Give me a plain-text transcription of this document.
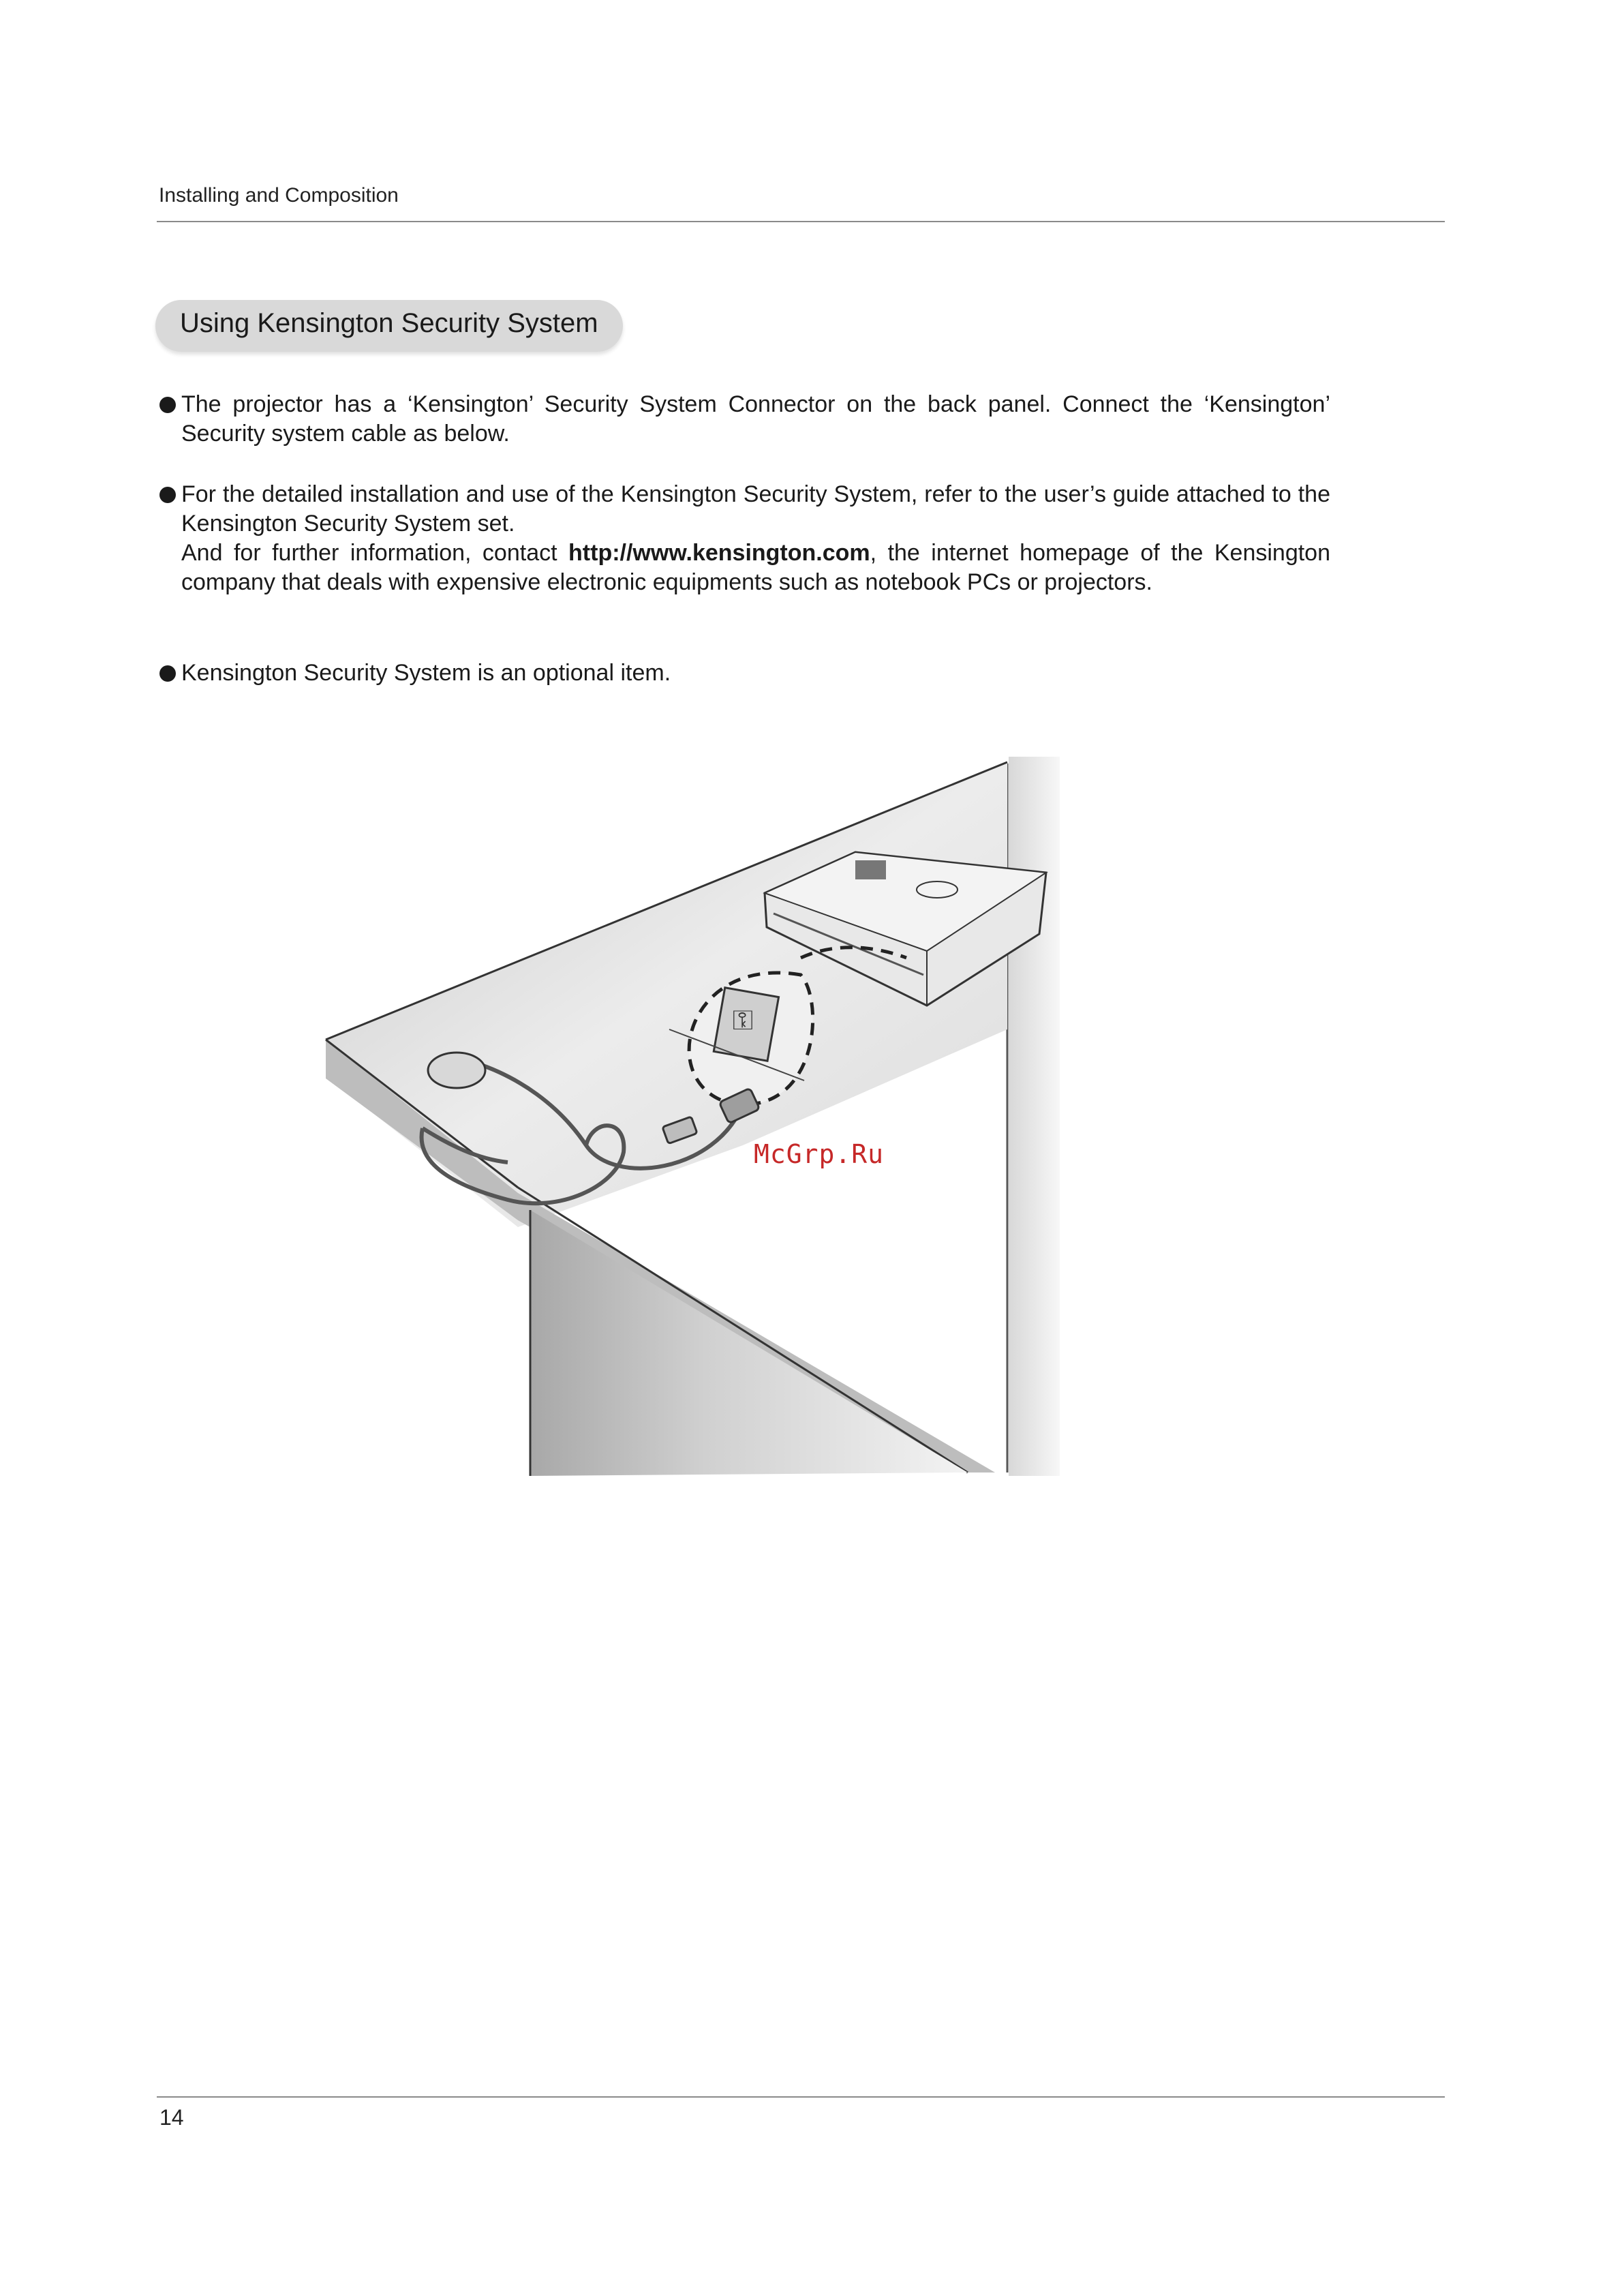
Installing and Composition
Using Kensington Security System

The projector has a ‘Kensington’ Security System Connector on the back panel. Connect the ‘Kensington’ Security system cable as below.

For the detailed installation and use of the Kensington Security System, refer to the user’s guide attached to the Kensington Security System set.

And for further information, contact http://www.kensington.com, the internet homepage of the Kensington company that deals with expensive electronic equipments such as notebook PCs or projectors.

Kensington Security System is an optional item.

⚿
McGrp.Ru
14
